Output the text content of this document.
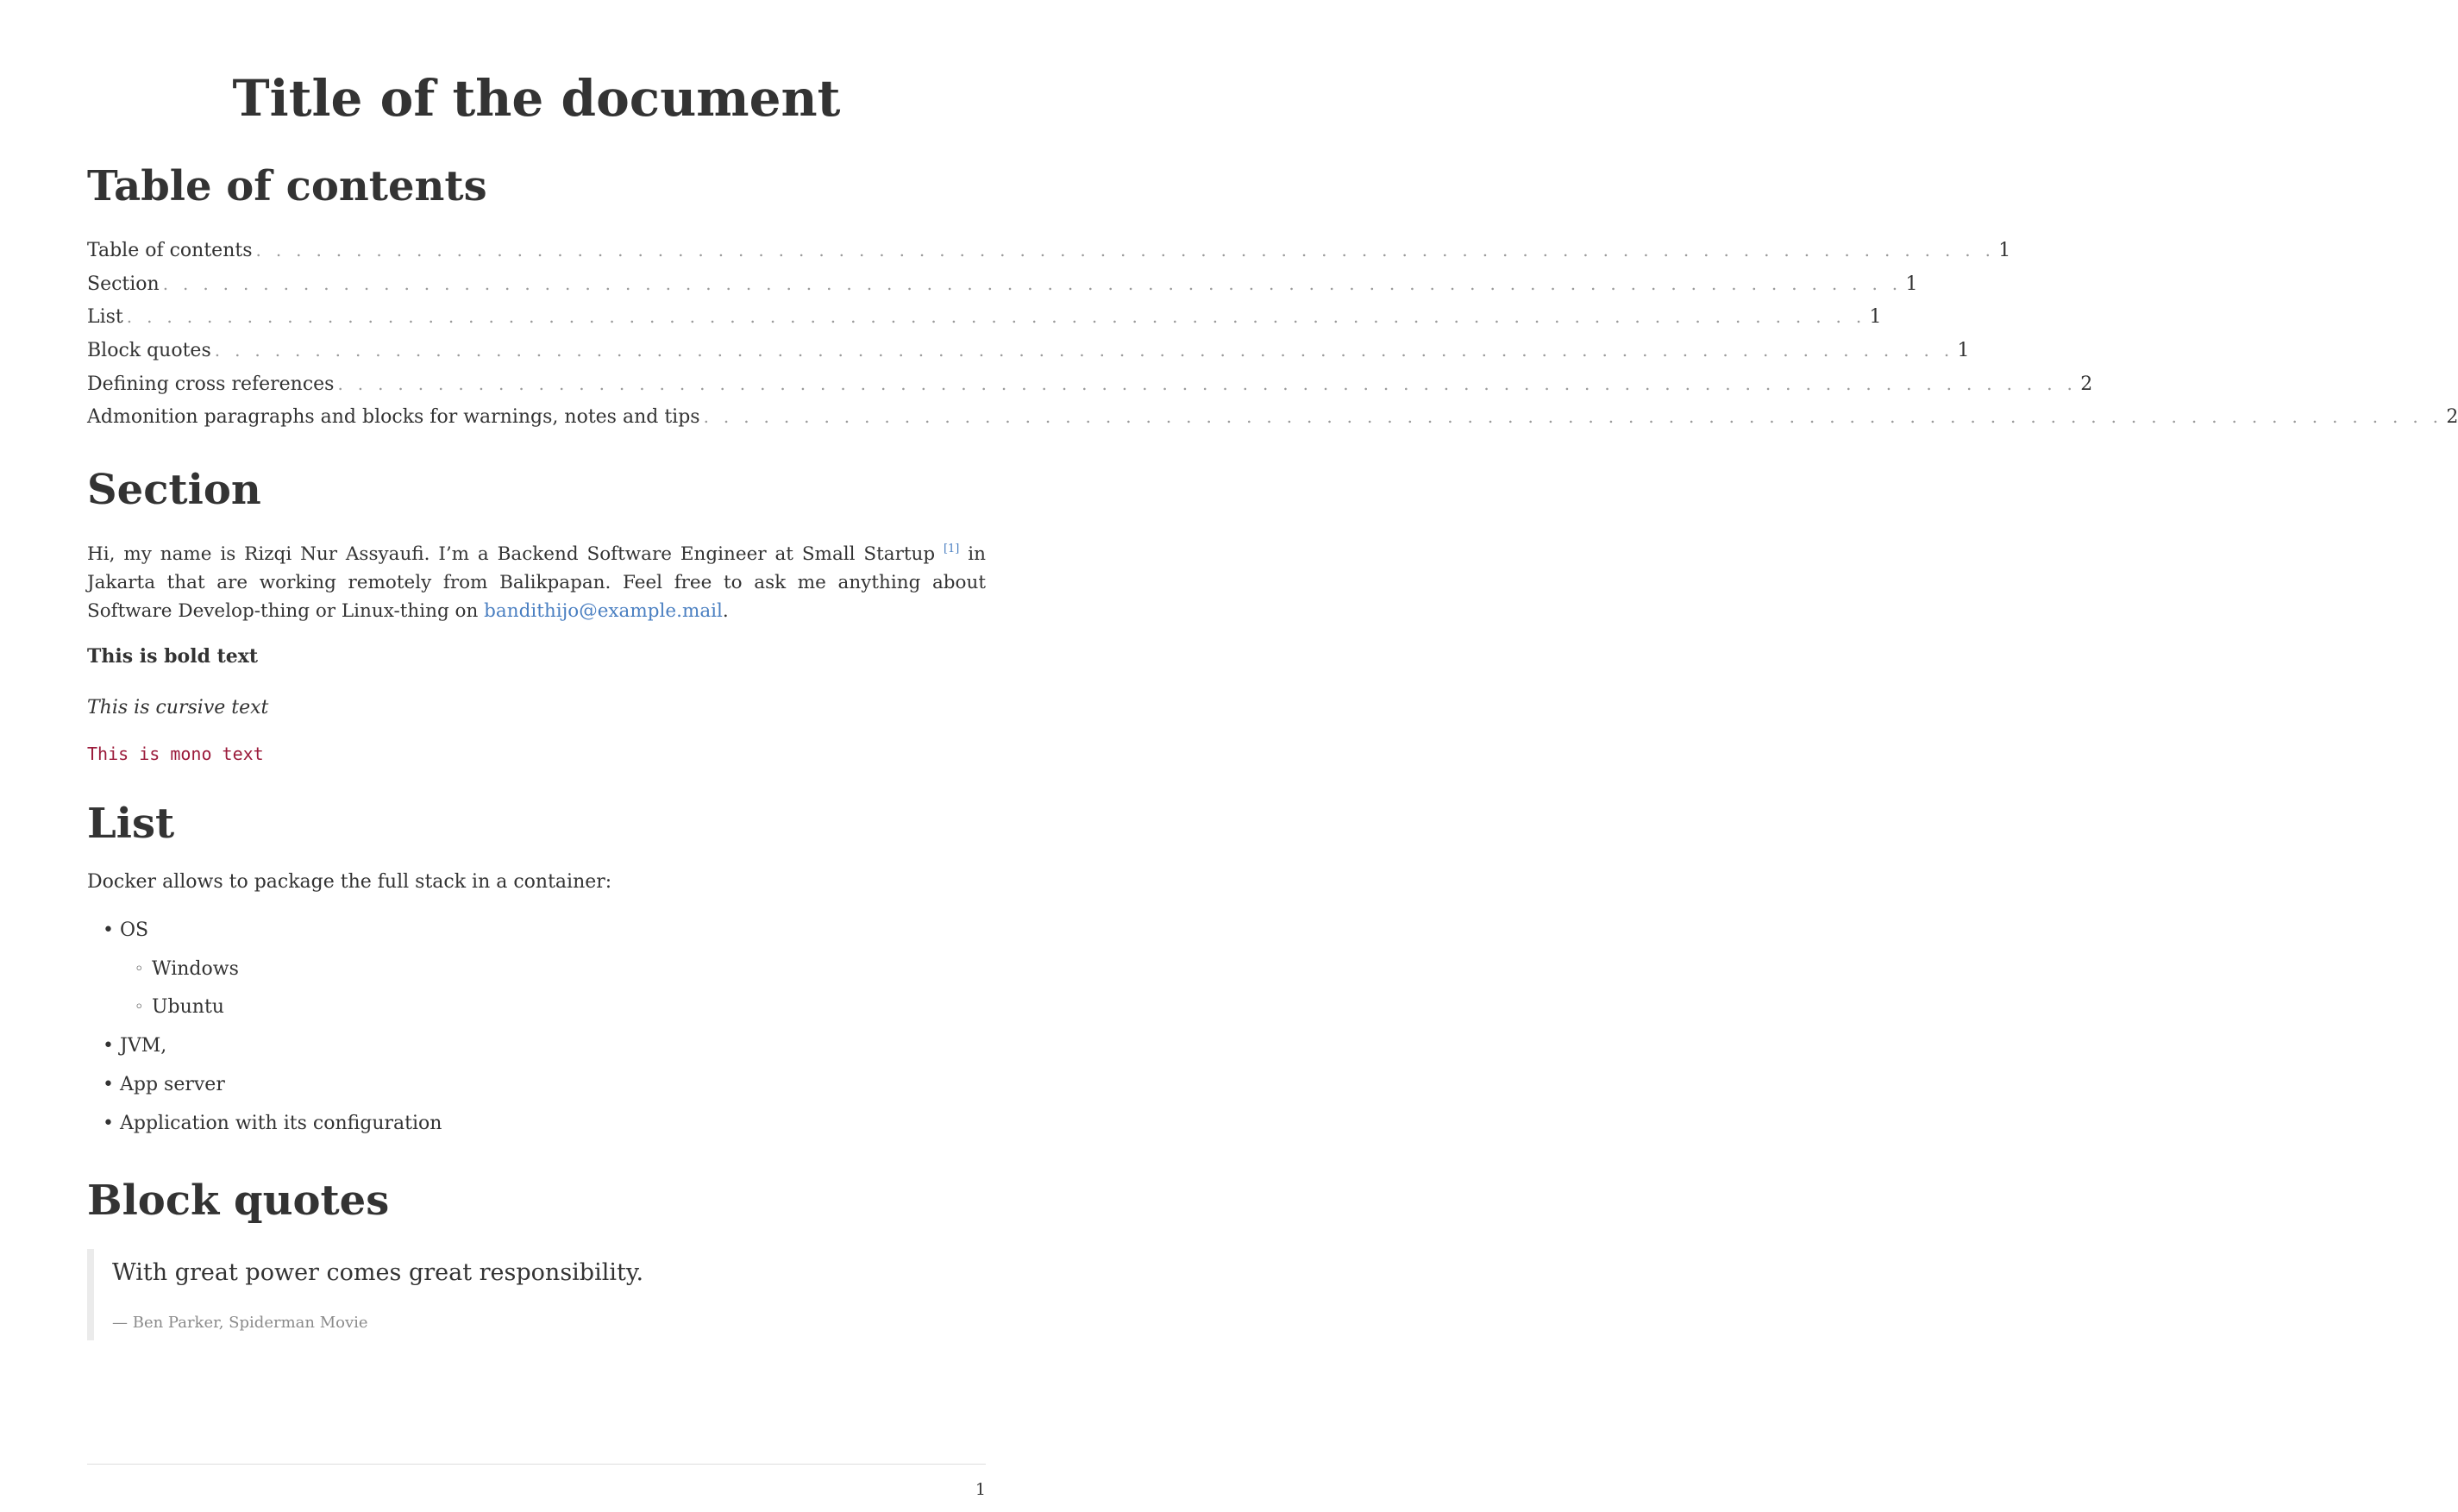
Title of the document
Table of contents
Table of contents . . . . . . . . . . . . . . . . . . . . . . . . . . . . . . . . . . . . . . . . . . . . . . . . . . . . . . . . . . . . . . . . . . . . . . . . . . . . . . . . . . . . . . . 1
Section . . . . . . . . . . . . . . . . . . . . . . . . . . . . . . . . . . . . . . . . . . . . . . . . . . . . . . . . . . . . . . . . . . . . . . . . . . . . . . . . . . . . . . . 1
List . . . . . . . . . . . . . . . . . . . . . . . . . . . . . . . . . . . . . . . . . . . . . . . . . . . . . . . . . . . . . . . . . . . . . . . . . . . . . . . . . . . . . . . 1
Block quotes . . . . . . . . . . . . . . . . . . . . . . . . . . . . . . . . . . . . . . . . . . . . . . . . . . . . . . . . . . . . . . . . . . . . . . . . . . . . . . . . . . . . . . . 1
Defining cross references . . . . . . . . . . . . . . . . . . . . . . . . . . . . . . . . . . . . . . . . . . . . . . . . . . . . . . . . . . . . . . . . . . . . . . . . . . . . . . . . . . . . . . . 2
Admonition paragraphs and blocks for warnings, notes and tips . . . . . . . . . . . . . . . . . . . . . . . . . . . . . . . . . . . . . . . . . . . . . . . . . . . . . . . . . . . . . . . . . . . . . . . . . . . . . . . . . . . . . . . 2
Section

Hi, my name is Rizqi Nur Assyaufi. I’m a Backend Software Engineer at Small Startup [1] in Jakarta that are working remotely from Balikpapan. Feel free to ask me anything about Software Develop-thing or Linux-thing on bandithijo@example.mail.

This is bold text

This is cursive text

This is mono text

List

Docker allows to package the full stack in a container:

• OS
◦ Windows
◦ Ubuntu
• JVM,
• App server
• Application with its configuration
Block quotes

With great power comes great responsibility.

— Ben Parker, Spiderman Movie

1
